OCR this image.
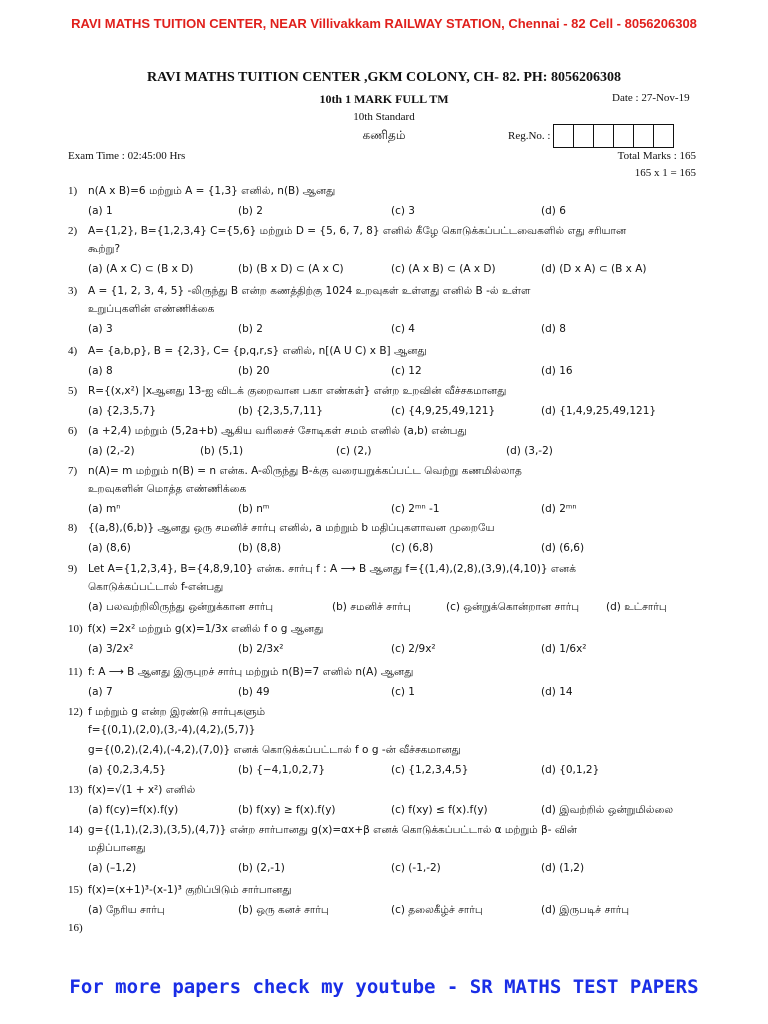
RAVI MATHS TUITION CENTER, NEAR Villivakkam RAILWAY STATION, Chennai - 82 Cell - 8056206308
RAVI MATHS TUITION CENTER ,GKM COLONY, CH- 82. PH: 8056206308
10th 1 MARK FULL TM	Date : 27-Nov-19
10th Standard
கணிதம்	Reg.No. :
Exam Time : 02:45:00 Hrs	Total Marks : 165
165 x 1 = 165
1) n(A x B)=6 மற்றும் A = {1,3} எனில், n(B) ஆனது
(a) 1	(b) 2	(c) 3	(d) 6
2) A={1,2}, B={1,2,3,4} C={5,6} மற்றும் D = {5, 6, 7, 8} எனில் கீழே கொடுக்கப்பட்டவைகளில் எது சரியான
கூற்று?
(a) (A x C) ⊂ (B x D)	(b) (B x D) ⊂ (A x C)	(c) (A x B) ⊂ (A x D)	(d) (D x A) ⊂ (B x A)
3) A = {1, 2, 3, 4, 5} -லிருந்து B என்ற கணத்திற்கு 1024 உறவுகள் உள்ளது எனில் B -ல் உள்ள
உறுப்புகளின் எண்ணிக்கை
(a) 3	(b) 2	(c) 4	(d) 8
4) A= {a,b,p}, B = {2,3}, C= {p,q,r,s} எனில், n[(A U C) x B] ஆனது
(a) 8	(b) 20	(c) 12	(d) 16
5) R={(x,x²) |xஆனது 13-ஐ விடக் குறைவான பகா எண்கள்} என்ற உறவின் வீச்சகமானது
(a) {2,3,5,7}	(b) {2,3,5,7,11}	(c) {4,9,25,49,121}	(d) {1,4,9,25,49,121}
6) (a +2,4) மற்றும் (5,2a+b) ஆகிய வரிசைச் சோடிகள் சமம் எனில் (a,b) என்பது
(a) (2,-2)	(b) (5,1)	(c) (2,)	(d) (3,-2)
7) n(A)= m மற்றும் n(B) = n என்க. A-லிருந்து B-க்கு வரையறுக்கப்பட்ட வெற்று கணமில்லாத
உறவுகளின் மொத்த எண்ணிக்கை
(a) mⁿ	(b) nᵐ	(c) 2ᵐⁿ -1	(d) 2ᵐⁿ
8) {(a,8),(6,b)} ஆனது ஒரு சமனிச் சார்பு எனில், a மற்றும் b மதிப்புகளாவன முறையே
(a) (8,6)	(b) (8,8)	(c) (6,8)	(d) (6,6)
9) Let A={1,2,3,4}, B={4,8,9,10} என்க. சார்பு f : A ⟶ B ஆனது f={(1,4),(2,8),(3,9),(4,10)} எனக்
கொடுக்கப்பட்டால் f-என்பது
(a) பலவற்றிலிருந்து ஒன்றுக்கான சார்பு	(b) சமனிச் சார்பு	(c) ஒன்றுக்கொன்றான சார்பு	(d) உட்சார்பு
10) f(x) =2x² மற்றும் g(x)=1/3x எனில் f o g ஆனது
(a) 3/2x²	(b) 2/3x²	(c) 2/9x²	(d) 1/6x²
11) f: A ⟶ B ஆனது இருபுறச் சார்பு மற்றும் n(B)=7 எனில் n(A) ஆனது
(a) 7	(b) 49	(c) 1	(d) 14
12) f மற்றும் g என்ற இரண்டு சார்புகளும்
f={(0,1),(2,0),(3,-4),(4,2),(5,7)}
g={(0,2),(2,4),(-4,2),(7,0)} எனக் கொடுக்கப்பட்டால் f o g -ன் வீச்சகமானது
(a) {0,2,3,4,5}	(b) {−4,1,0,2,7}	(c) {1,2,3,4,5}	(d) {0,1,2}
13) f(x)=√(1 + x²) எனில்
(a) f(cy)=f(x).f(y)	(b) f(xy) ≥ f(x).f(y)	(c) f(xy) ≤ f(x).f(y)	(d) இவற்றில் ஒன்றுமில்லை
14) g={(1,1),(2,3),(3,5),(4,7)} என்ற சார்பானது g(x)=αx+β எனக் கொடுக்கப்பட்டால் α மற்றும் β- வின்
மதிப்பானது
(a) (–1,2)	(b) (2,-1)	(c) (-1,-2)	(d) (1,2)
15) f(x)=(x+1)³-(x-1)³ குறிப்பிடும் சார்பானது
(a) நேரிய சார்பு	(b) ஒரு கனச் சார்பு	(c) தலைகீழ்ச் சார்பு	(d) இருபடிச் சார்பு
16)
For more papers check my youtube - SR MATHS TEST PAPERS
